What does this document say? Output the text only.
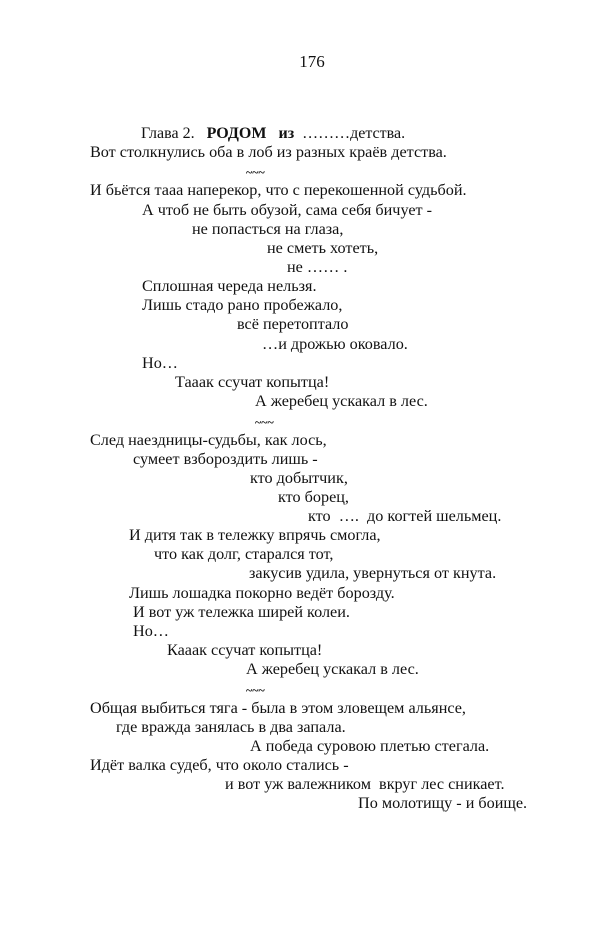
176

Глава 2. РОДОМ из ………детства.

Вот столкнулись оба в лоб из разных краёв детства.
~~~
И бьётся тааа наперекор, что с перекошенной судьбой.
А чтоб не быть обузой, сама себя бичует -
не попасться на глаза,
не сметь хотеть,
не …… .
Сплошная череда нельзя.
Лишь стадо рано пробежало,
всё перетоптало
…и дрожью оковало.
Но…
Тааак ссучат копытца!
А жеребец ускакал в лес.
~~~
След наездницы-судьбы, как лось,
сумеет взбороздить лишь -
кто добытчик,
кто борец,
кто  ….  до когтей шельмец.
И дитя так в тележку впрячь смогла,
что как долг, старался тот,
закусив удила, увернуться от кнута.
Лишь лошадка покорно ведёт борозду.
И вот уж тележка ширей колеи.
Но…
Кааак ссучат копытца!
А жеребец ускакал в лес.
~~~
Общая выбиться тяга - была в этом зловещем альянсе,
где вражда занялась в два запала.
А победа суровою плетью стегала.
Идёт валка судеб, что около стались -
и вот уж валежником  вкруг лес сникает.
По молотищу - и боище.
